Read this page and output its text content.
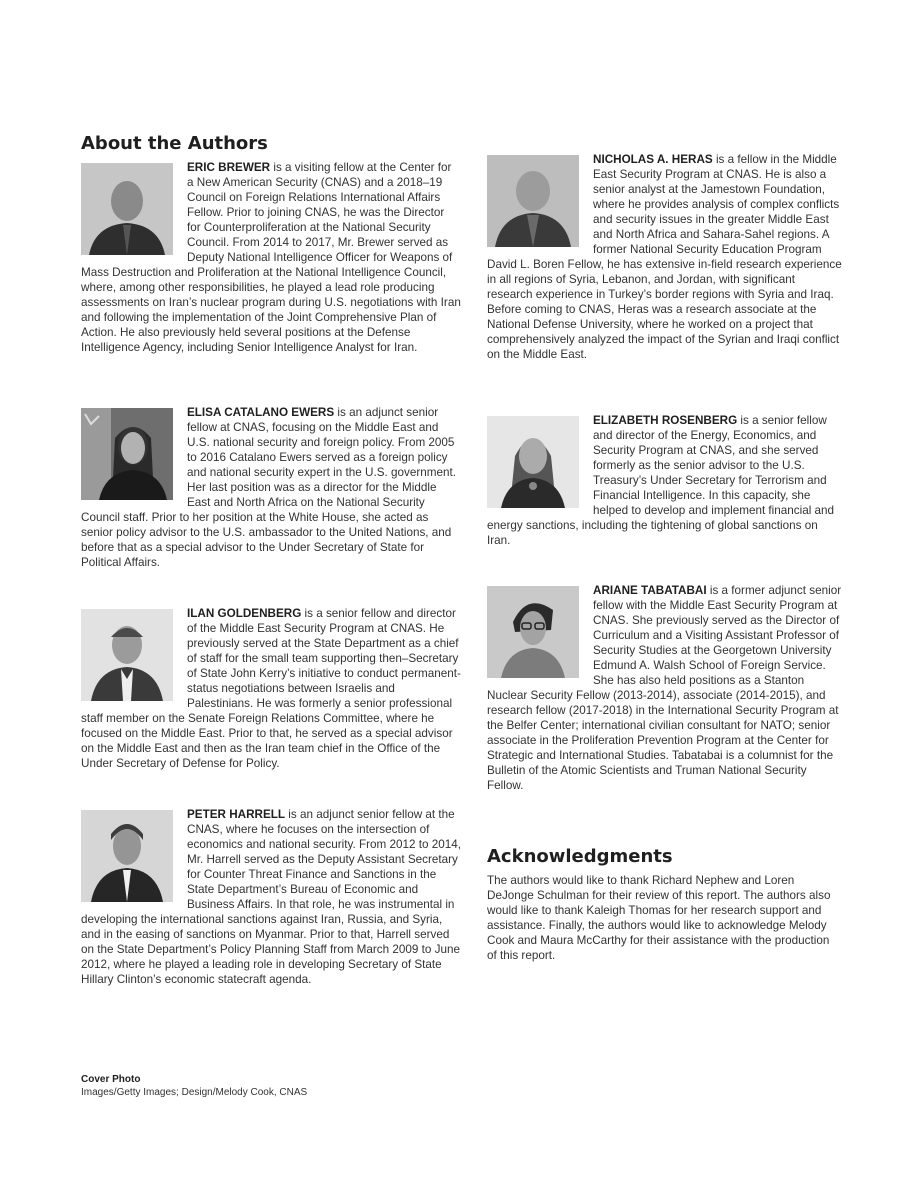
About the Authors

ERIC BREWER is a visiting fellow at the Center for a New American Security (CNAS) and a 2018–19 Council on Foreign Relations International Affairs Fellow. Prior to joining CNAS, he was the Director for Counterproliferation at the National Security Council. From 2014 to 2017, Mr. Brewer served as Deputy National Intelligence Officer for Weapons of Mass Destruction and Proliferation at the National Intelligence Council, where, among other responsibilities, he played a lead role producing assessments on Iran’s nuclear program during U.S. negotiations with Iran and following the implementation of the Joint Comprehensive Plan of Action. He also previously held several positions at the Defense Intelligence Agency, including Senior Intelligence Analyst for Iran.

ELISA CATALANO EWERS is an adjunct senior fellow at CNAS, focusing on the Middle East and U.S. national security and foreign policy. From 2005 to 2016 Catalano Ewers served as a foreign policy and national security expert in the U.S. government. Her last position was as a director for the Middle East and North Africa on the National Security Council staff. Prior to her position at the White House, she acted as senior policy advisor to the U.S. ambassador to the United Nations, and before that as a special advisor to the Under Secretary of State for Political Affairs.

ILAN GOLDENBERG is a senior fellow and director of the Middle East Security Program at CNAS. He previously served at the State Department as a chief of staff for the small team supporting then–Secretary of State John Kerry’s initiative to conduct permanent-status negotiations between Israelis and Palestinians. He was formerly a senior professional staff member on the Senate Foreign Relations Committee, where he focused on the Middle East. Prior to that, he served as a special advisor on the Middle East and then as the Iran team chief in the Office of the Under Secretary of Defense for Policy.

PETER HARRELL is an adjunct senior fellow at the CNAS, where he focuses on the intersection of economics and national security. From 2012 to 2014, Mr. Harrell served as the Deputy Assistant Secretary for Counter Threat Finance and Sanctions in the State Department’s Bureau of Economic and Business Affairs. In that role, he was instrumental in developing the international sanctions against Iran, Russia, and Syria, and in the easing of sanctions on Myanmar. Prior to that, Harrell served on the State Department’s Policy Planning Staff from March 2009 to June 2012, where he played a leading role in developing Secretary of State Hillary Clinton’s economic statecraft agenda.

NICHOLAS A. HERAS is a fellow in the Middle East Security Program at CNAS. He is also a senior analyst at the Jamestown Foundation, where he provides analysis of complex conflicts and security issues in the greater Middle East and North Africa and Sahara-Sahel regions. A former National Security Education Program David L. Boren Fellow, he has extensive in-field research experience in all regions of Syria, Lebanon, and Jordan, with significant research experience in Turkey’s border regions with Syria and Iraq. Before coming to CNAS, Heras was a research associate at the National Defense University, where he worked on a project that comprehensively analyzed the impact of the Syrian and Iraqi conflict on the Middle East.

ELIZABETH ROSENBERG is a senior fellow and director of the Energy, Economics, and Security Program at CNAS, and she served formerly as the senior advisor to the U.S. Treasury’s Under Secretary for Terrorism and Financial Intelligence. In this capacity, she helped to develop and implement financial and energy sanctions, including the tightening of global sanctions on Iran.

ARIANE TABATABAI is a former adjunct senior fellow with the Middle East Security Program at CNAS. She previously served as the Director of Curriculum and a Visiting Assistant Professor of Security Studies at the Georgetown University Edmund A. Walsh School of Foreign Service. She has also held positions as a Stanton Nuclear Security Fellow (2013-2014), associate (2014-2015), and research fellow (2017-2018) in the International Security Program at the Belfer Center; international civilian consultant for NATO; senior associate in the Proliferation Prevention Program at the Center for Strategic and International Studies. Tabatabai is a columnist for the Bulletin of the Atomic Scientists and Truman National Security Fellow.

Acknowledgments

The authors would like to thank Richard Nephew and Loren DeJonge Schulman for their review of this report. The authors also would like to thank Kaleigh Thomas for her research support and assistance. Finally, the authors would like to acknowledge Melody Cook and Maura McCarthy for their assistance with the production of this report.

Cover Photo
Images/Getty Images; Design/Melody Cook, CNAS
